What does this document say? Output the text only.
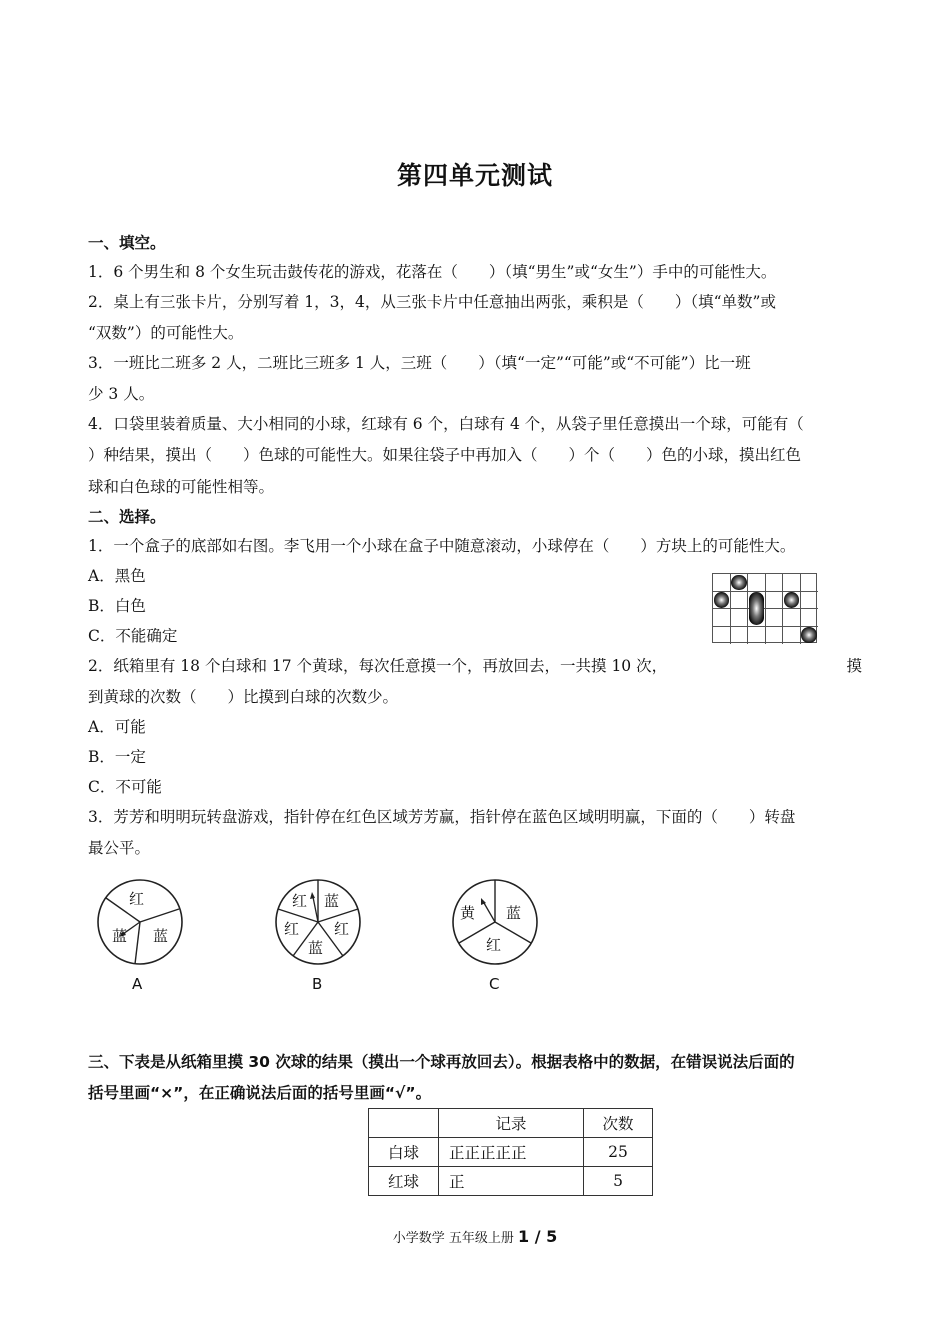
第四单元测试
一、填空。
1．6 个男生和 8 个女生玩击鼓传花的游戏，花落在（　　）（填“男生”或“女生”）手中的可能性大。
2．桌上有三张卡片，分别写着 1，3，4，从三张卡片中任意抽出两张，乘积是（　　）（填“单数”或
“双数”）的可能性大。
3．一班比二班多 2 人，二班比三班多 1 人，三班（　　）（填“一定”“可能”或“不可能”）比一班
少 3 人。
4．口袋里装着质量、大小相同的小球，红球有 6 个，白球有 4 个，从袋子里任意摸出一个球，可能有（
）种结果，摸出（　　）色球的可能性大。如果往袋子中再加入（　　）个（　　）色的小球，摸出红色
球和白色球的可能性相等。
二、选择。
1．一个盒子的底部如右图。李飞用一个小球在盒子中随意滚动，小球停在（　　）方块上的可能性大。
A．黑色
B．白色
C．不能确定
2．纸箱里有 18 个白球和 17 个黄球，每次任意摸一个，再放回去，一共摸 10 次，	摸
到黄球的次数（　　）比摸到白球的次数少。
A．可能
B．一定
C．不可能
3．芳芳和明明玩转盘游戏，指针停在红色区域芳芳赢，指针停在蓝色区域明明赢，下面的（　　）转盘
最公平。
红
蓝 蓝
A
红 蓝
红
蓝
红
B
黄 蓝
红
C
三、下表是从纸箱里摸 30 次球的结果（摸出一个球再放回去）。根据表格中的数据，在错误说法后面的
括号里画“×”，在正确说法后面的括号里画“√”。
	记录	次数
白球	正正正正正	25
红球	正	5
小学数学 五年级上册 1 / 5
